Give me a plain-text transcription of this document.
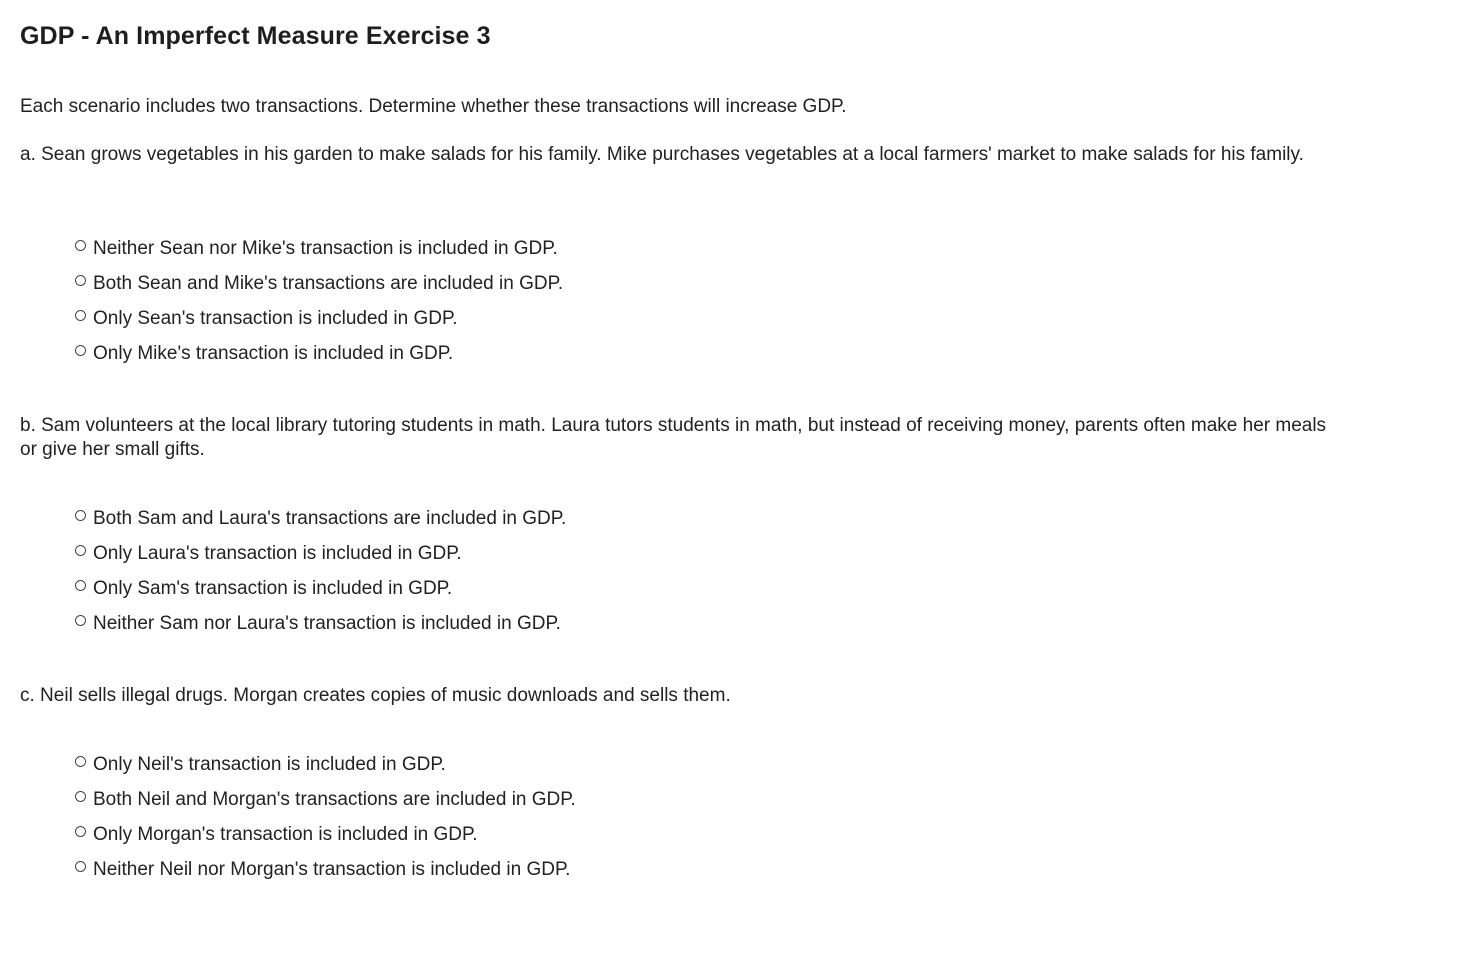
GDP - An Imperfect Measure Exercise 3

Each scenario includes two transactions. Determine whether these transactions will increase GDP.

a. Sean grows vegetables in his garden to make salads for his family. Mike purchases vegetables at a local farmers' market to make salads for his family.

Neither Sean nor Mike's transaction is included in GDP.
Both Sean and Mike's transactions are included in GDP.
Only Sean's transaction is included in GDP.
Only Mike's transaction is included in GDP.

b. Sam volunteers at the local library tutoring students in math. Laura tutors students in math, but instead of receiving money, parents often make her meals or give her small gifts.

Both Sam and Laura's transactions are included in GDP.
Only Laura's transaction is included in GDP.
Only Sam's transaction is included in GDP.
Neither Sam nor Laura's transaction is included in GDP.

c. Neil sells illegal drugs. Morgan creates copies of music downloads and sells them.

Only Neil's transaction is included in GDP.
Both Neil and Morgan's transactions are included in GDP.
Only Morgan's transaction is included in GDP.
Neither Neil nor Morgan's transaction is included in GDP.
